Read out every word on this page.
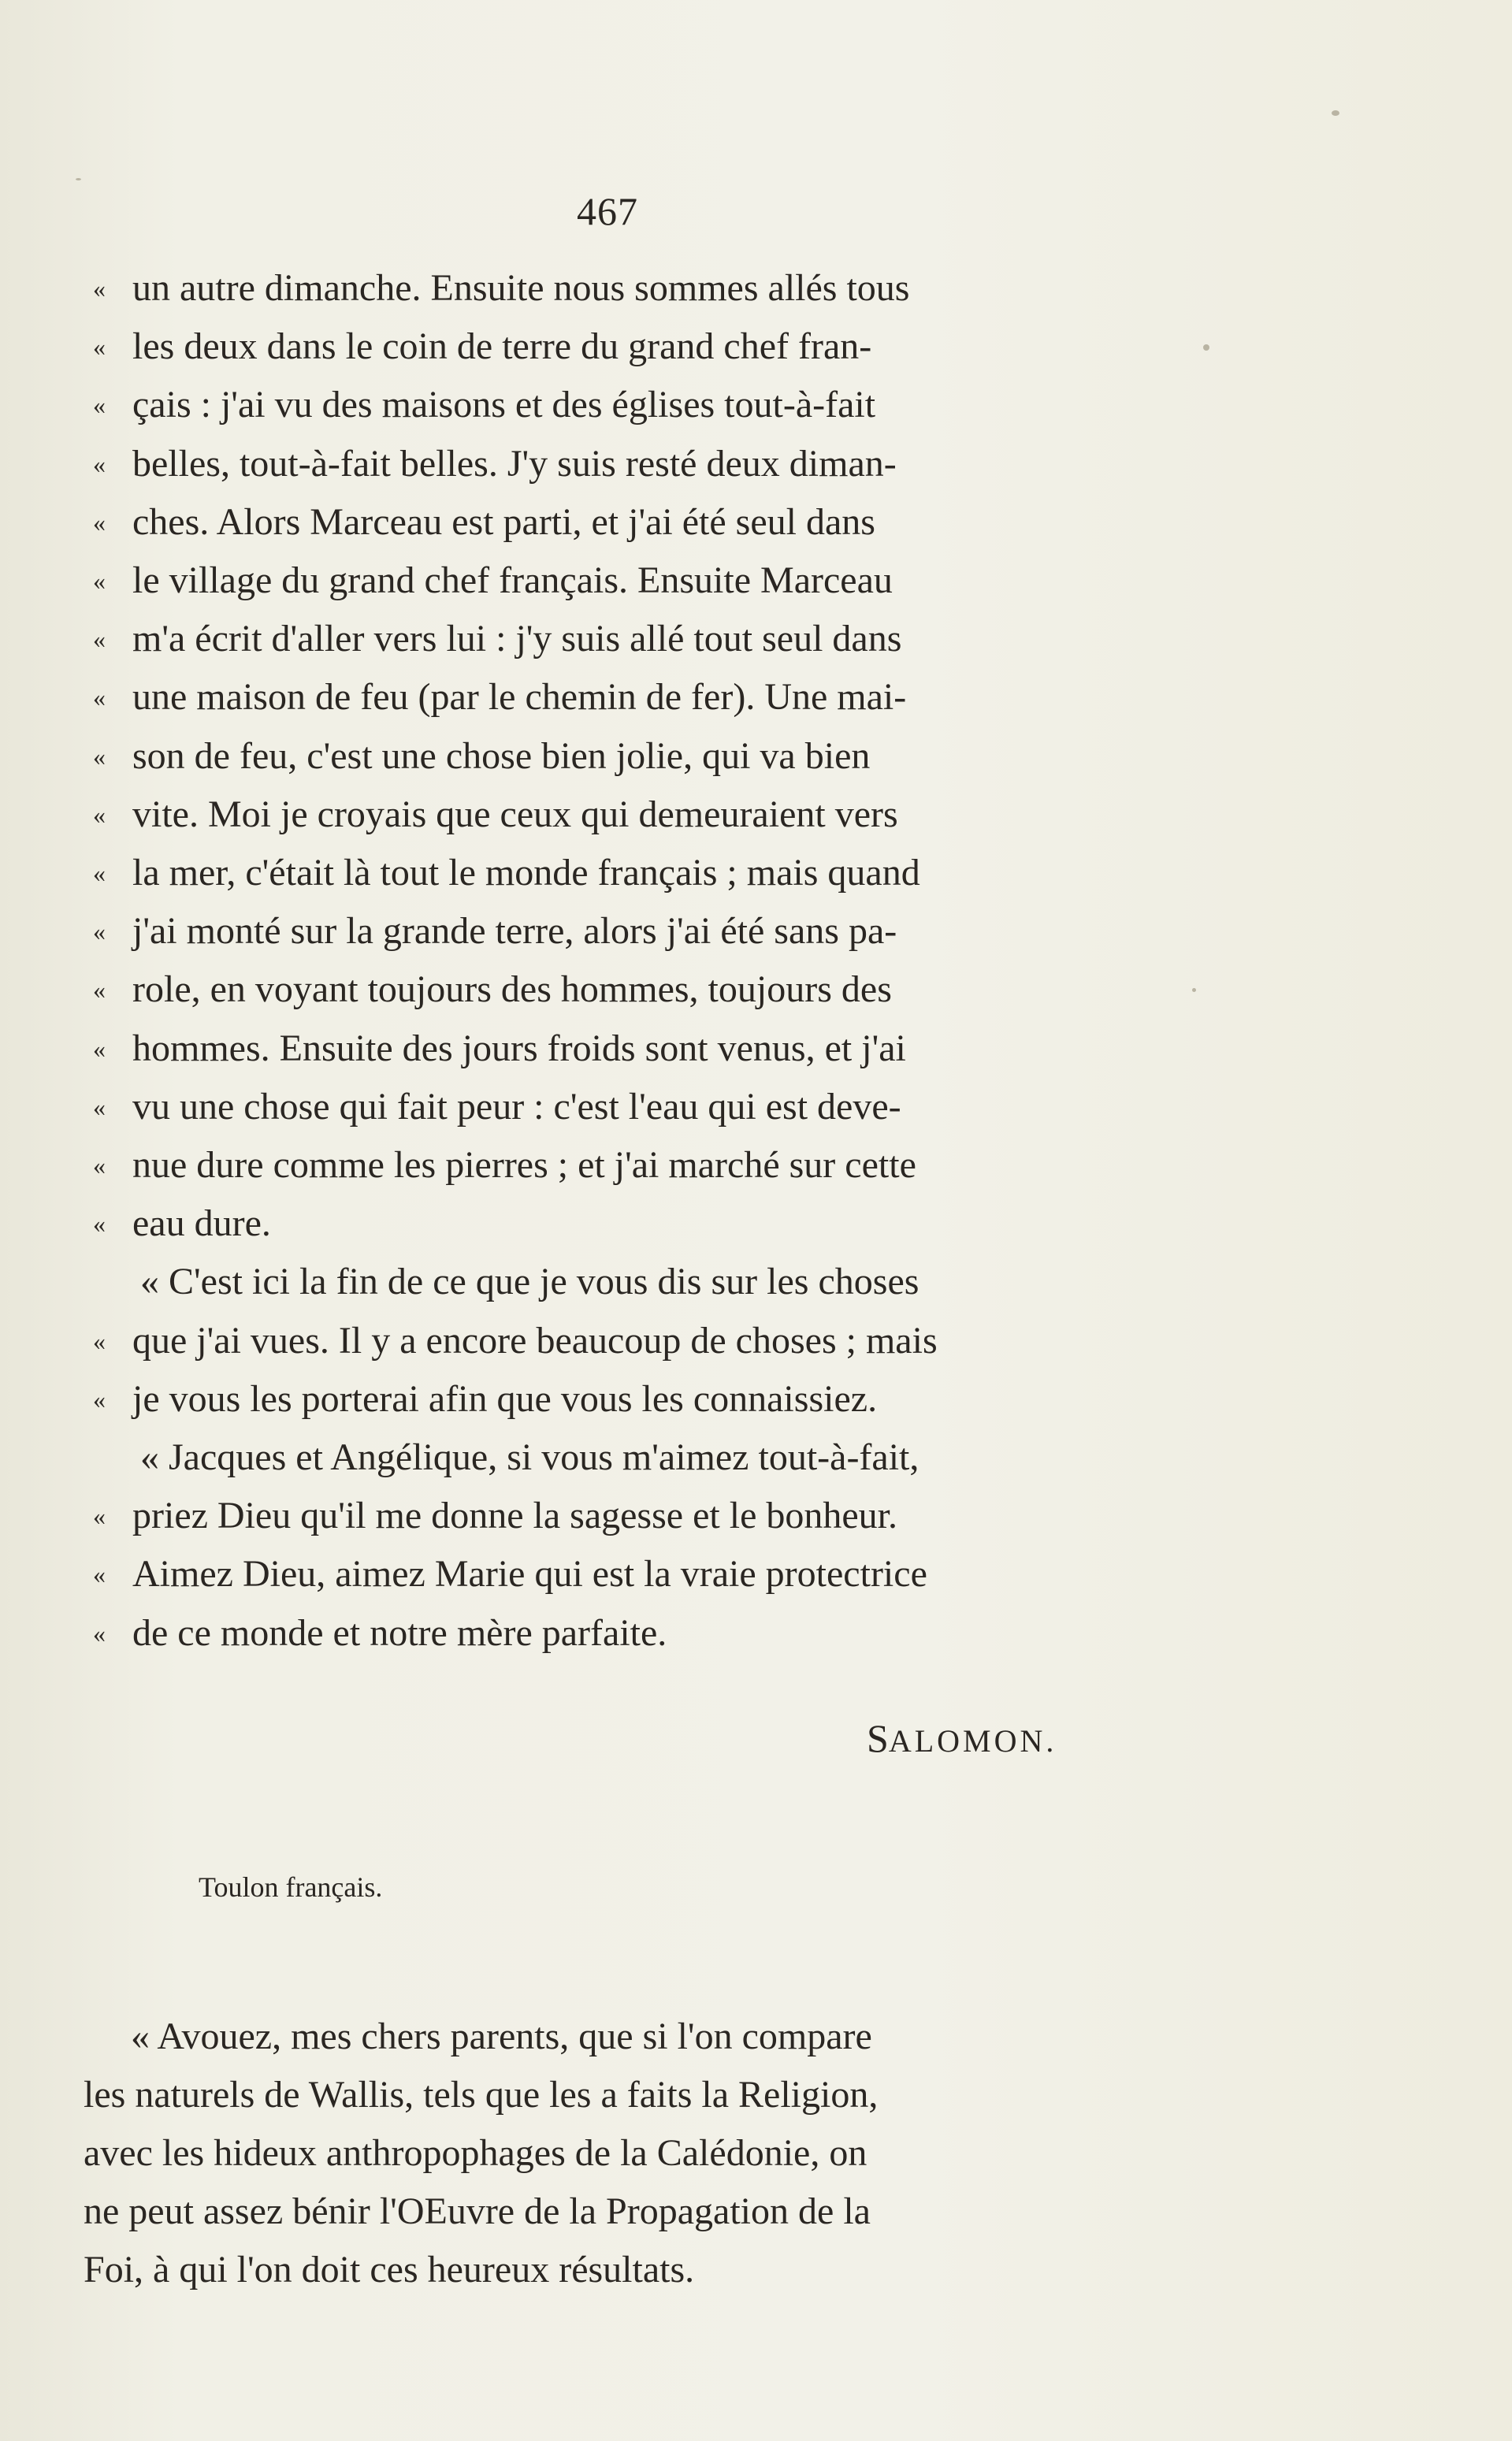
467
« un autre dimanche. Ensuite nous sommes allés tous
« les deux dans le coin de terre du grand chef fran-
« çais : j'ai vu des maisons et des églises tout-à-fait
« belles, tout-à-fait belles. J'y suis resté deux diman-
« ches. Alors Marceau est parti, et j'ai été seul dans
« le village du grand chef français. Ensuite Marceau
« m'a écrit d'aller vers lui : j'y suis allé tout seul dans
« une maison de feu (par le chemin de fer). Une mai-
« son de feu, c'est une chose bien jolie, qui va bien
« vite. Moi je croyais que ceux qui demeuraient vers
« la mer, c'était là tout le monde français ; mais quand
« j'ai monté sur la grande terre, alors j'ai été sans pa-
« role, en voyant toujours des hommes, toujours des
« hommes. Ensuite des jours froids sont venus, et j'ai
« vu une chose qui fait peur : c'est l'eau qui est deve-
« nue dure comme les pierres ; et j'ai marché sur cette
« eau dure.
« C'est ici la fin de ce que je vous dis sur les choses
« que j'ai vues. Il y a encore beaucoup de choses ; mais
« je vous les porterai afin que vous les connaissiez.
« Jacques et Angélique, si vous m'aimez tout-à-fait,
« priez Dieu qu'il me donne la sagesse et le bonheur.
« Aimez Dieu, aimez Marie qui est la vraie protectrice
« de ce monde et notre mère parfaite.
SALOMON.
Toulon français.
« Avouez, mes chers parents, que si l'on compare
les naturels de Wallis, tels que les a faits la Religion,
avec les hideux anthropophages de la Calédonie, on
ne peut assez bénir l'OEuvre de la Propagation de la
Foi, à qui l'on doit ces heureux résultats.
